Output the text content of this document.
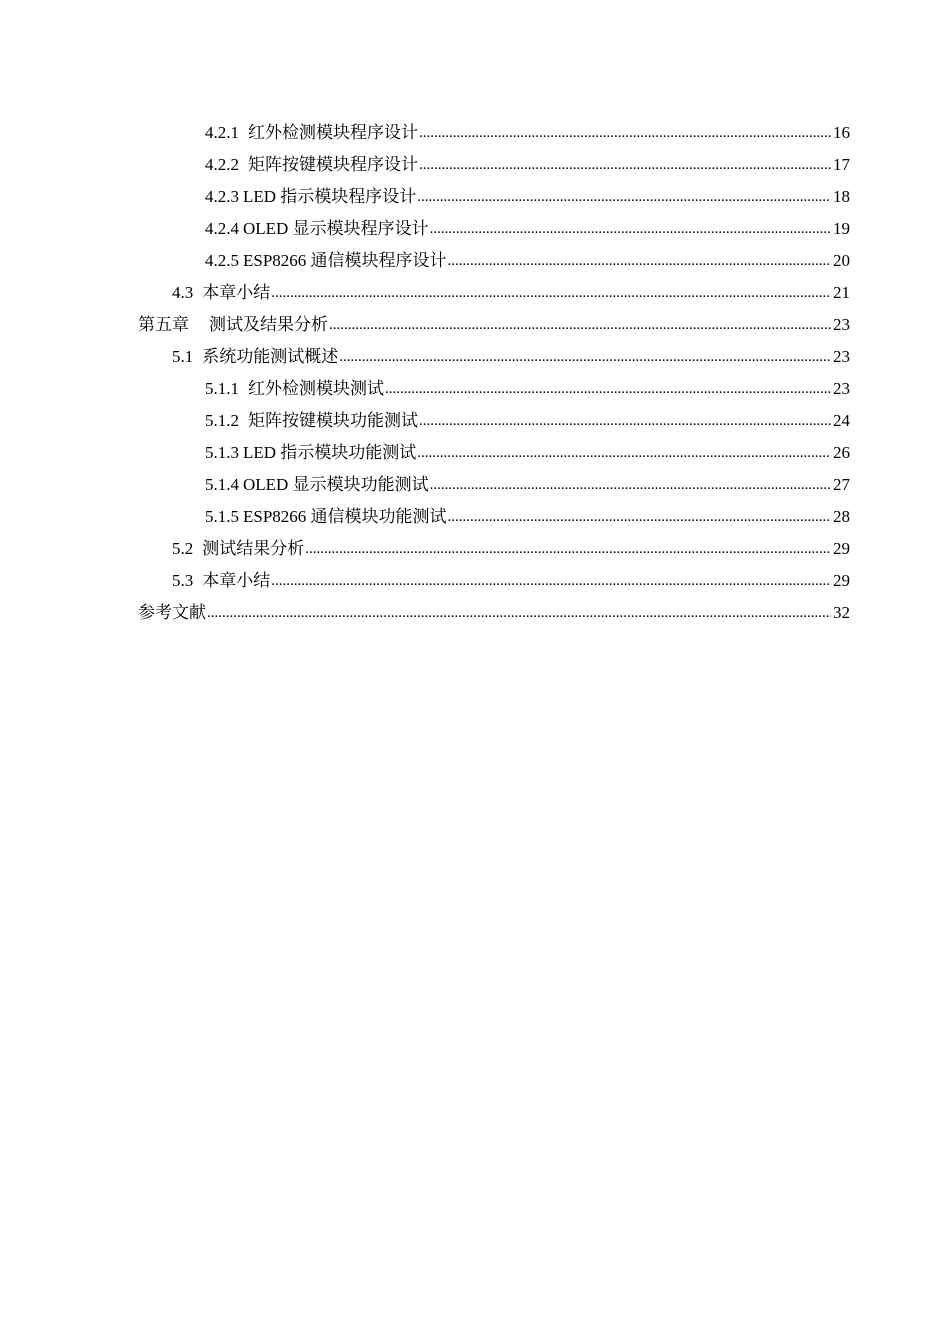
4.2.1 红外检测模块程序设计 .....	16
4.2.2 矩阵按键模块程序设计 .....	17
4.2.3 LED 指示模块程序设计 .....	18
4.2.4 OLED 显示模块程序设计 .....	19
4.2.5 ESP8266 通信模块程序设计 .....	20
4.3 本章小结 .....	21
第五章 测试及结果分析 .....	23
5.1 系统功能测试概述 .....	23
5.1.1 红外检测模块测试 .....	23
5.1.2 矩阵按键模块功能测试 .....	24
5.1.3 LED 指示模块功能测试 .....	26
5.1.4 OLED 显示模块功能测试 .....	27
5.1.5 ESP8266 通信模块功能测试 .....	28
5.2 测试结果分析 .....	29
5.3 本章小结 .....	29
参考文献 .....	32
